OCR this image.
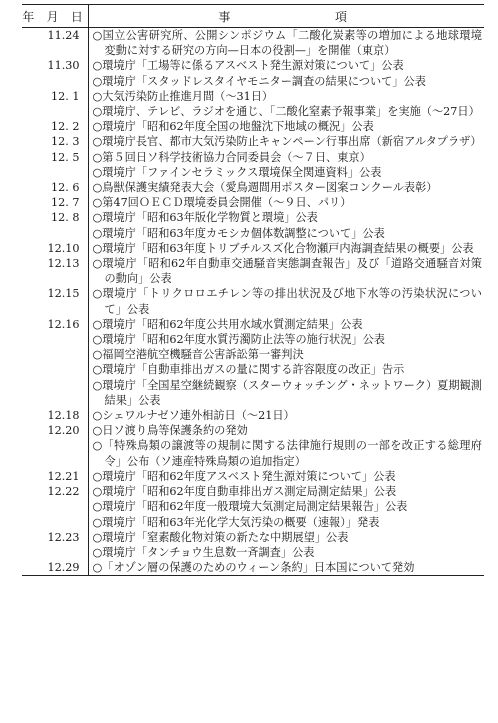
年 月 日	事 項
11.24	○国立公害研究所、公開シンポジウム「二酸化炭素等の増加による地球環境変動に対する研究の方向—日本の役割—」を開催（東京）

11.30	○環境庁「工場等に係るアスベスト発生源対策について」公表
○環境庁「スタッドレスタイヤモニター調査の結果について」公表

12. 1	○大気汚染防止推進月間（～31日）
○環境庁、テレビ、ラジオを通じ、「二酸化窒素予報事業」を実施（～27日）

12. 2	○環境庁「昭和62年度全国の地盤沈下地域の概況」公表

12. 3	○環境庁長官、都市大気汚染防止キャンペーン行事出席（新宿アルタプラザ）

12. 5	○第５回日ソ科学技術協力合同委員会（～７日、東京）
○環境庁「ファインセラミックス環境保全関連資料」公表

12. 6	○鳥獣保護実績発表大会（愛鳥週間用ポスター図案コンクール表彰）

12. 7	○第47回ＯＥＣＤ環境委員会開催（～９日、パリ）

12. 8	○環境庁「昭和63年版化学物質と環境」公表
○環境庁「昭和63年度カモシカ個体数調整について」公表

12.10	○環境庁「昭和63年度トリブチルスズ化合物瀬戸内海調査結果の概要」公表

12.13	○環境庁「昭和62年自動車交通騒音実態調査報告」及び「道路交通騒音対策の動向」公表

12.15	○環境庁「トリクロロエチレン等の排出状況及び地下水等の汚染状況について」公表

12.16	○環境庁「昭和62年度公共用水域水質測定結果」公表
○環境庁「昭和62年度水質汚濁防止法等の施行状況」公表
○福岡空港航空機騒音公害訴訟第一審判決
○環境庁「自動車排出ガスの量に関する許容限度の改正」告示
○環境庁「全国星空継続観察（スターウォッチング・ネットワーク）夏期観測結果」公表

12.18	○シェワルナゼソ連外相訪日（～21日）

12.20	○日ソ渡り鳥等保護条約の発効
○「特殊鳥類の譲渡等の規制に関する法律施行規則の一部を改正する総理府令」公布（ソ連産特殊鳥類の追加指定）

12.21	○環境庁「昭和62年度アスベスト発生源対策について」公表

12.22	○環境庁「昭和62年度自動車排出ガス測定局測定結果」公表
○環境庁「昭和62年度一般環境大気測定局測定結果報告」公表
○環境庁「昭和63年光化学大気汚染の概要（速報）」発表

12.23	○環境庁「窒素酸化物対策の新たな中期展望」公表
○環境庁「タンチョウ生息数一斉調査」公表

12.29	○「オゾン層の保護のためのウィーン条約」日本国について発効
